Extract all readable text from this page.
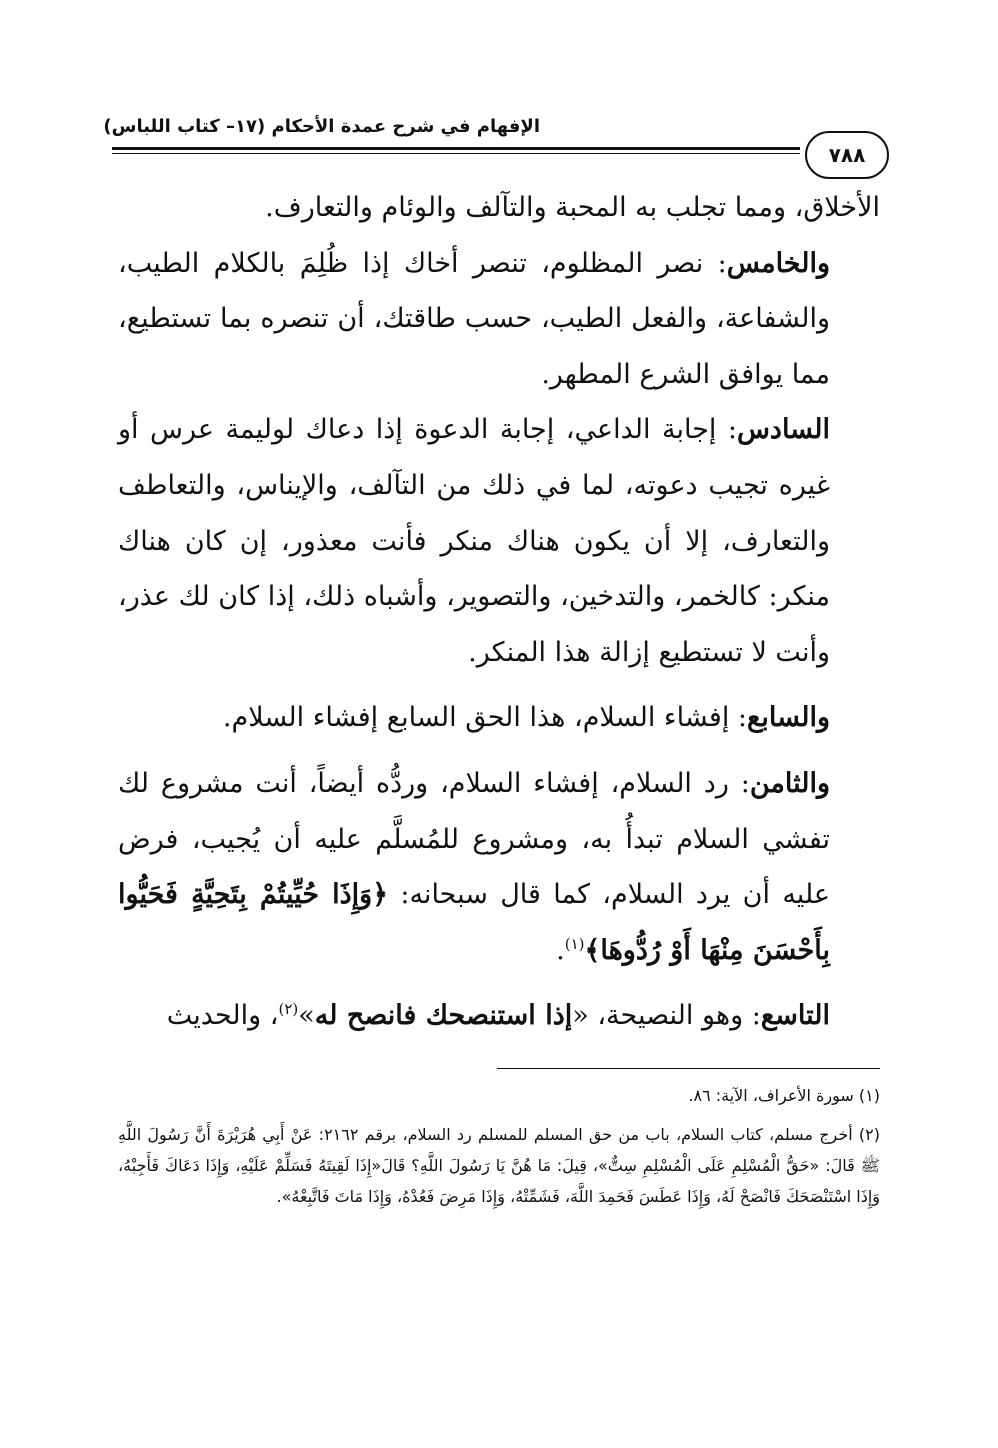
الإفهام في شرح عمدة الأحكام (١٧– كتاب اللباس)
٧٨٨

الأخلاق، ومما تجلب به المحبة والتآلف والوئام والتعارف.

والخامس: نصر المظلوم، تنصر أخاك إذا ظُلِمَ بالكلام الطيب، والشفاعة، والفعل الطيب، حسب طاقتك، أن تنصره بما تستطيع، مما يوافق الشرع المطهر.

السادس: إجابة الداعي، إجابة الدعوة إذا دعاك لوليمة عرس أو غيره تجيب دعوته، لما في ذلك من التآلف، والإيناس، والتعاطف والتعارف، إلا أن يكون هناك منكر فأنت معذور، إن كان هناك منكر: كالخمر، والتدخين، والتصوير، وأشباه ذلك، إذا كان لك عذر، وأنت لا تستطيع إزالة هذا المنكر.

والسابع: إفشاء السلام، هذا الحق السابع إفشاء السلام.

والثامن: رد السلام، إفشاء السلام، وردُّه أيضاً، أنت مشروع لك تفشي السلام تبدأُ به، ومشروع للمُسلَّم عليه أن يُجيب، فرض عليه أن يرد السلام، كما قال سبحانه: ﴿وَإِذَا حُيِّيتُمْ بِتَحِيَّةٍ فَحَيُّوا بِأَحْسَنَ مِنْهَا أَوْ رُدُّوهَا﴾$^{(١)}$.

التاسع: وهو النصيحة، «إذا استنصحك فانصح له»$^{(٢)}$، والحديث

(١) سورة الأعراف، الآية: ٨٦.

(٢) أخرج مسلم، كتاب السلام، باب من حق المسلم للمسلم رد السلام، برقم ٢١٦٢: عَنْ أَبِي هُرَيْرَةَ أَنَّ رَسُولَ اللَّهِ ﷺ قَالَ: «حَقُّ الْمُسْلِمِ عَلَى الْمُسْلِمِ سِتٌّ»، قِيلَ: مَا هُنَّ يَا رَسُولَ اللَّهِ؟ قَالَ«إِذَا لَقِيتَهُ فَسَلِّمْ عَلَيْهِ، وَإِذَا دَعَاكَ فَأَجِبْهُ، وَإِذَا اسْتَنْصَحَكَ فَانْصَحْ لَهُ، وَإِذَا عَطَسَ فَحَمِدَ اللَّهَ، فَشَمِّتْهُ، وَإِذَا مَرِضَ فَعُدْهُ، وَإِذَا مَاتَ فَاتَّبِعْهُ».
